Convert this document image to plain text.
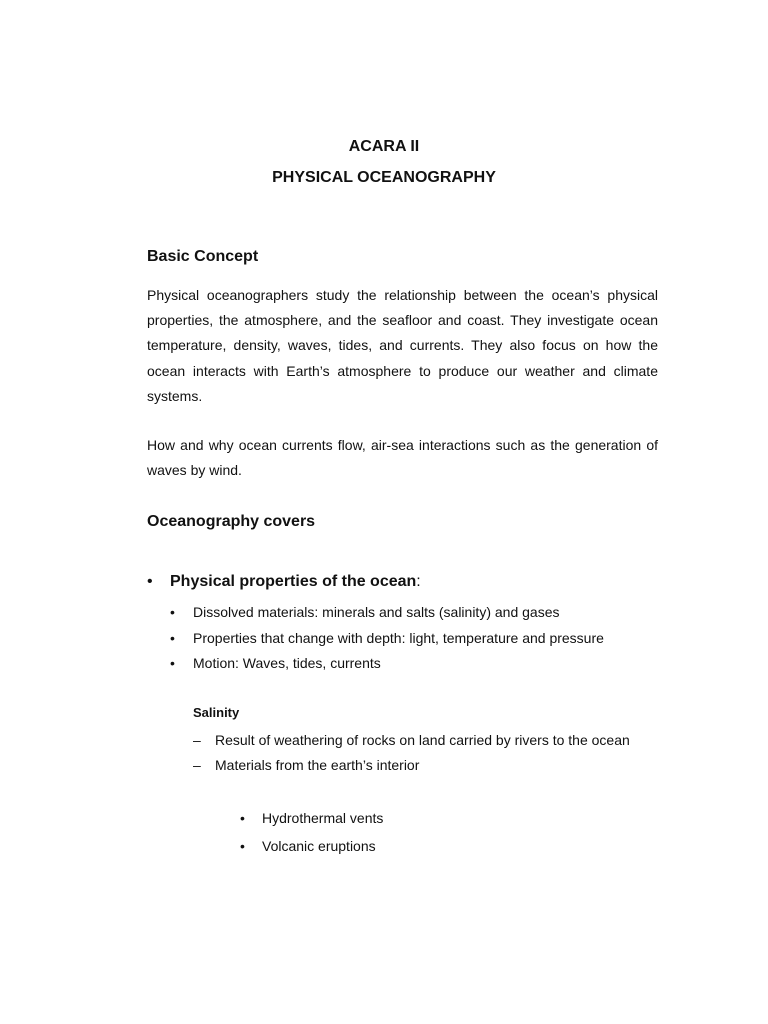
ACARA II
PHYSICAL OCEANOGRAPHY
Basic Concept

Physical oceanographers study the relationship between the ocean’s physical properties, the atmosphere, and the seafloor and coast. They investigate ocean temperature, density, waves, tides, and currents. They also focus on how the ocean interacts with Earth’s atmosphere to produce our weather and climate systems.

How and why ocean currents flow, air-sea interactions such as the generation of waves by wind.

Oceanography covers
• Physical properties of the ocean:
• Dissolved materials: minerals and salts (salinity) and gases
• Properties that change with depth: light, temperature and pressure
• Motion: Waves, tides, currents
Salinity
– Result of weathering of rocks on land carried by rivers to the ocean
– Materials from the earth’s interior
• Hydrothermal vents
• Volcanic eruptions
